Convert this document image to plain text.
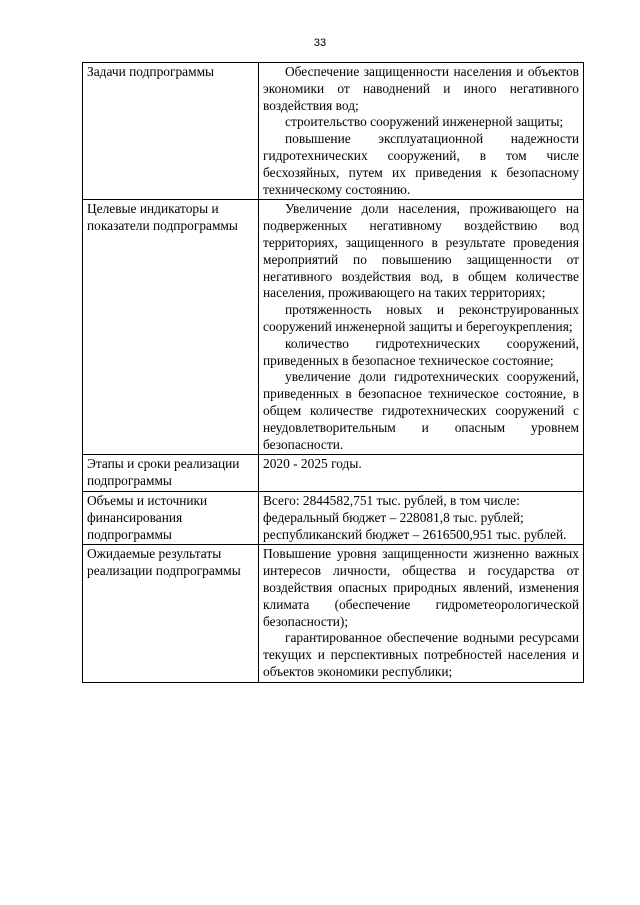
33
Задачи подпрограммы	Обеспечение защищенности населения и объектов экономики от наводнений и иного негативного воздействия вод;

строительство сооружений инженерной защиты;

повышение эксплуатационной надежности гидротехнических сооружений, в том числе бесхозяйных, путем их приведения к безопасному техническому состоянию.

Целевые индикаторы и показатели подпрограммы	Увеличение доли населения, проживающего на подверженных негативному воздействию вод территориях, защищенного в результате проведения мероприятий по повышению защищенности от негативного воздействия вод, в общем количестве населения, проживающего на таких территориях;

протяженность новых и реконструированных сооружений инженерной защиты и берегоукрепления;

количество гидротехнических сооружений, приведенных в безопасное техническое состояние;

увеличение доли гидротехнических сооружений, приведенных в безопасное техническое состояние, в общем количестве гидротехнических сооружений с неудовлетворительным и опасным уровнем безопасности.

Этапы и сроки реализации подпрограммы	2020 - 2025 годы.

Объемы и источники финансирования подпрограммы	Всего: 2844582,751 тыс. рублей, в том числе:

федеральный бюджет – 228081,8 тыс. рублей;

республиканский бюджет – 2616500,951 тыс. рублей.

Ожидаемые результаты реализации подпрограммы	Повышение уровня защищенности жизненно важных интересов личности, общества и государства от воздействия опасных природных явлений, изменения климата (обеспечение гидрометеорологической безопасности);

гарантированное обеспечение водными ресурсами текущих и перспективных потребностей населения и объектов экономики республики;
